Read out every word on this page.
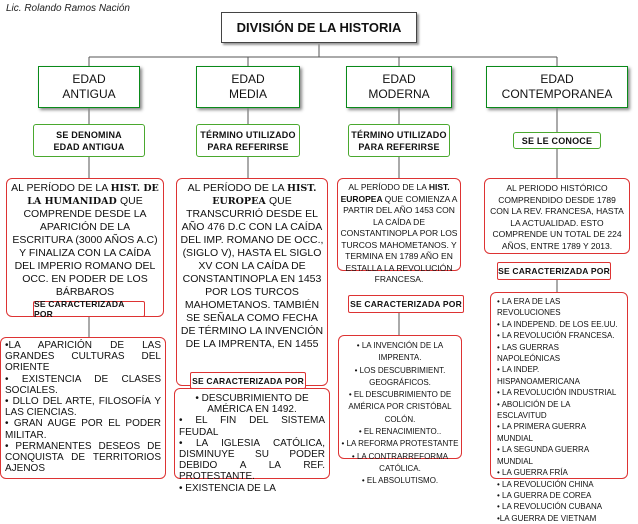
Lic. Rolando Ramos Nación
DIVISIÓN DE LA HISTORIA
EDAD
ANTIGUA
EDAD
MEDIA
EDAD
MODERNA
EDAD
CONTEMPORANEA
SE DENOMINA
EDAD ANTIGUA
TÉRMINO UTILIZADO
PARA REFERIRSE
TÉRMINO UTILIZADO
PARA REFERIRSE
SE LE CONOCE
AL PERÍODO DE LA HIST. DE LA HUMANIDAD QUE COMPRENDE DESDE LA APARICIÓN DE LA ESCRITURA (3000 AÑOS A.C) Y FINALIZA CON LA CAÍDA DEL IMPERIO ROMANO DEL OCC. EN PODER DE LOS BÁRBAROS
AL PERÍODO DE LA HIST. EUROPEA QUE TRANSCURRIÓ DESDE EL AÑO 476 D.C CON LA CAÍDA DEL IMP. ROMANO DE OCC., (SIGLO V), HASTA EL SIGLO XV CON LA CAÍDA DE CONSTANTINOPLA EN 1453 POR LOS TURCOS MAHOMETANOS. TAMBIÉN SE SEÑALA COMO FECHA DE TÉRMINO LA INVENCIÓN DE LA IMPRENTA, EN 1455
AL PERÍODO DE LA HIST. EUROPEA QUE COMIENZA A PARTIR DEL AÑO 1453 CON LA CAÍDA DE CONSTANTINOPLA POR LOS TURCOS MAHOMETANOS. Y TERMINA EN 1789 AÑO EN ESTALLA LA REVOLUCIÓN FRANCESA.
AL PERIODO HISTÓRICO COMPRENDIDO DESDE 1789 CON LA REV. FRANCESA, HASTA LA ACTUALIDAD. ESTO COMPRENDE UN TOTAL DE 224 AÑOS, ENTRE 1789 Y 2013.
•LA APARICIÓN DE LAS GRANDES CULTURAS DEL ORIENTE
• EXISTENCIA DE CLASES SOCIALES.
• DLLO DEL ARTE, FILOSOFÍA Y LAS CIENCIAS.
• GRAN AUGE POR EL PODER MILITAR.
• PERMANENTES DESEOS DE CONQUISTA DE TERRITORIOS AJENOS
• DESCUBRIMIENTO DE AMÉRICA EN 1492.
• EL FIN DEL SISTEMA FEUDAL
• LA IGLESIA CATÓLICA, DISMINUYE SU PODER DEBIDO A LA REF. PROTESTANTE.
• EXISTENCIA DE LA
• LA INVENCIÓN DE LA IMPRENTA.
• LOS DESCUBRIMIENT. GEOGRÁFICOS.
• EL DESCUBRIMIENTO DE AMÉRICA POR CRISTÓBAL COLÓN.
• EL RENACIMIENTO..
• LA REFORMA PROTESTANTE
• LA CONTRARREFORMA CATÓLICA.
• EL ABSOLUTISMO.
• LA ERA DE LAS REVOLUCIONES
• LA INDEPEND. DE LOS EE.UU.
• LA REVOLUCIÓN FRANCESA.
• LAS GUERRAS NAPOLEÓNICAS
• LA INDEP. HISPANOAMERICANA
• LA REVOLUCIÓN INDUSTRIAL
• ABOLICIÓN DE LA ESCLAVITUD
• LA PRIMERA GUERRA MUNDIAL
• LA SEGUNDA GUERRA MUNDIAL
• LA GUERRA FRÍA
• LA REVOLUCIÓN CHINA
• LA GUERRA DE COREA
• LA REVOLUCIÓN CUBANA
•LA GUERRA DE VIETNAM
SE CARACTERIZADA POR
SE CARACTERIZADA POR
SE CARACTERIZADA POR
SE CARACTERIZADA POR
